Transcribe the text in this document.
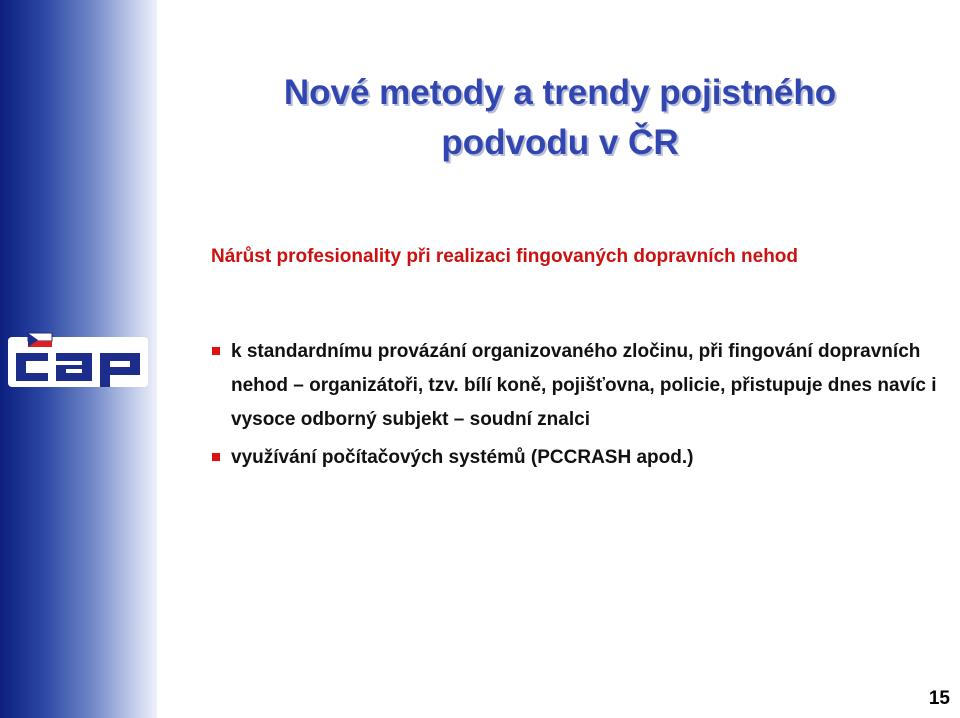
Nové metody a trendy pojistného
podvodu v ČR

Nárůst profesionality při realizaci fingovaných dopravních nehod

k standardnímu provázání organizovaného zločinu, při fingování dopravních nehod – organizátoři, tzv. bílí koně, pojišťovna, policie, přistupuje dnes navíc i vysoce odborný subjekt – soudní znalci
využívání počítačových systémů (PCCRASH apod.)
15
